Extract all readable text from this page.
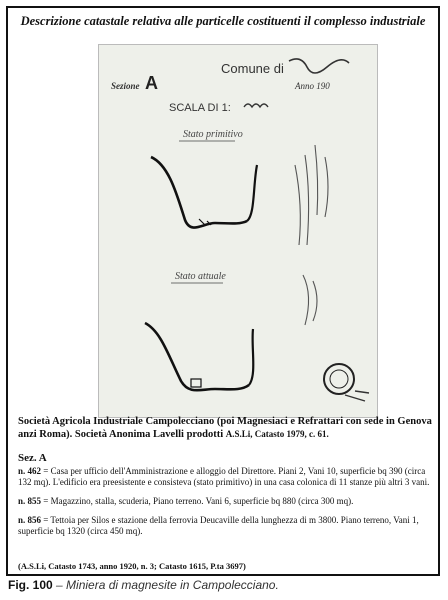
Descrizione catastale relativa alle particelle costituenti il complesso industriale
Comune di
Sezione A	Anno 190
SCALA DI 1:
Stato primitivo
Stato attuale
Società Agricola Industriale Campolecciano (poi Magnesiaci e Refrattari con sede in Genova anzi Roma). Società Anonima Lavelli prodotti A.S.Li, Catasto 1979, c. 61.
Sez. A

n. 462 = Casa per ufficio dell'Amministrazione e alloggio del Direttore. Piani 2, Vani 10, superficie bq 390 (circa 132 mq). L'edificio era preesistente e consisteva (stato primitivo) in una casa colonica di 11 stanze più altri 3 vani.

n. 855 = Magazzino, stalla, scuderia, Piano terreno. Vani 6, superficie bq 880 (circa 300 mq).

n. 856 = Tettoia per Silos e stazione della ferrovia Deucaville della lunghezza di m 3800. Piano terreno, Vani 1, superficie bq 1320 (circa 450 mq).

(A.S.Li, Catasto 1743, anno 1920, n. 3; Catasto 1615, P.ta 3697)
Fig. 100 – Miniera di magnesite in Campolecciano.
